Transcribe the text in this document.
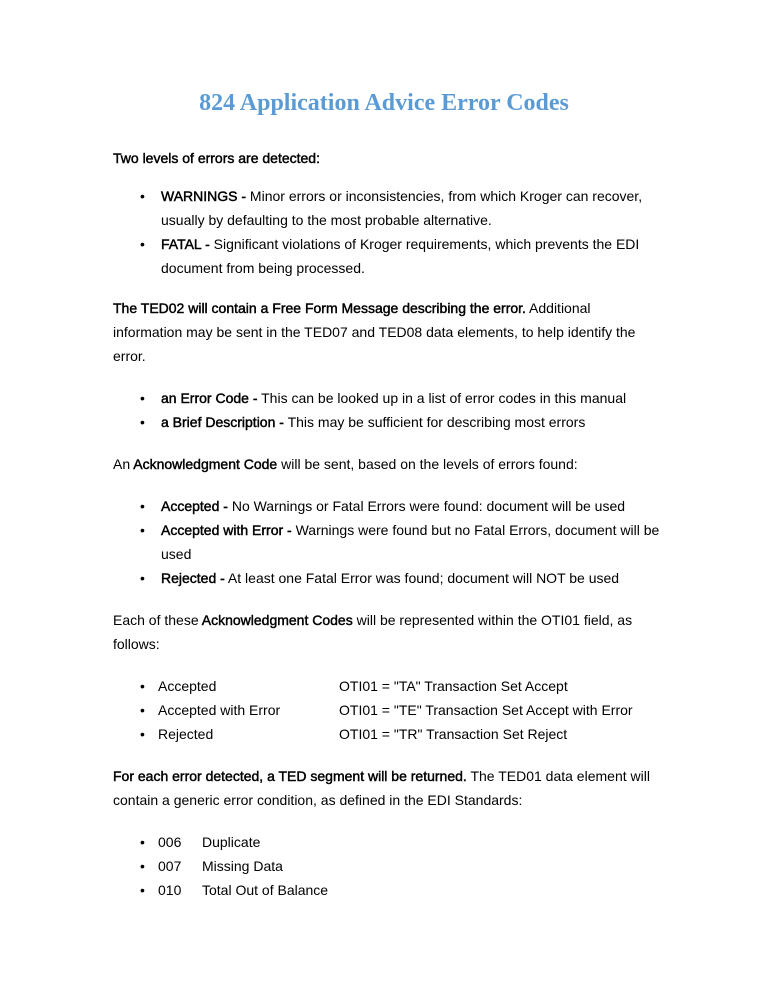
824 Application Advice Error Codes
Two levels of errors are detected:
• WARNINGS - Minor errors or inconsistencies, from which Kroger can recover, usually by defaulting to the most probable alternative.
• FATAL - Significant violations of Kroger requirements, which prevents the EDI document from being processed.
The TED02 will contain a Free Form Message describing the error. Additional information may be sent in the TED07 and TED08 data elements, to help identify the error.
• an Error Code - This can be looked up in a list of error codes in this manual
• a Brief Description - This may be sufficient for describing most errors
An Acknowledgment Code will be sent, based on the levels of errors found:
• Accepted - No Warnings or Fatal Errors were found: document will be used
• Accepted with Error - Warnings were found but no Fatal Errors, document will be used
• Rejected - At least one Fatal Error was found; document will NOT be used
Each of these Acknowledgment Codes will be represented within the OTI01 field, as follows:
• Accepted	OTI01 = "TA" Transaction Set Accept
• Accepted with Error	OTI01 = "TE" Transaction Set Accept with Error
• Rejected	OTI01 = "TR" Transaction Set Reject
For each error detected, a TED segment will be returned. The TED01 data element will contain a generic error condition, as defined in the EDI Standards:
• 006	Duplicate
• 007	Missing Data
• 010	Total Out of Balance
